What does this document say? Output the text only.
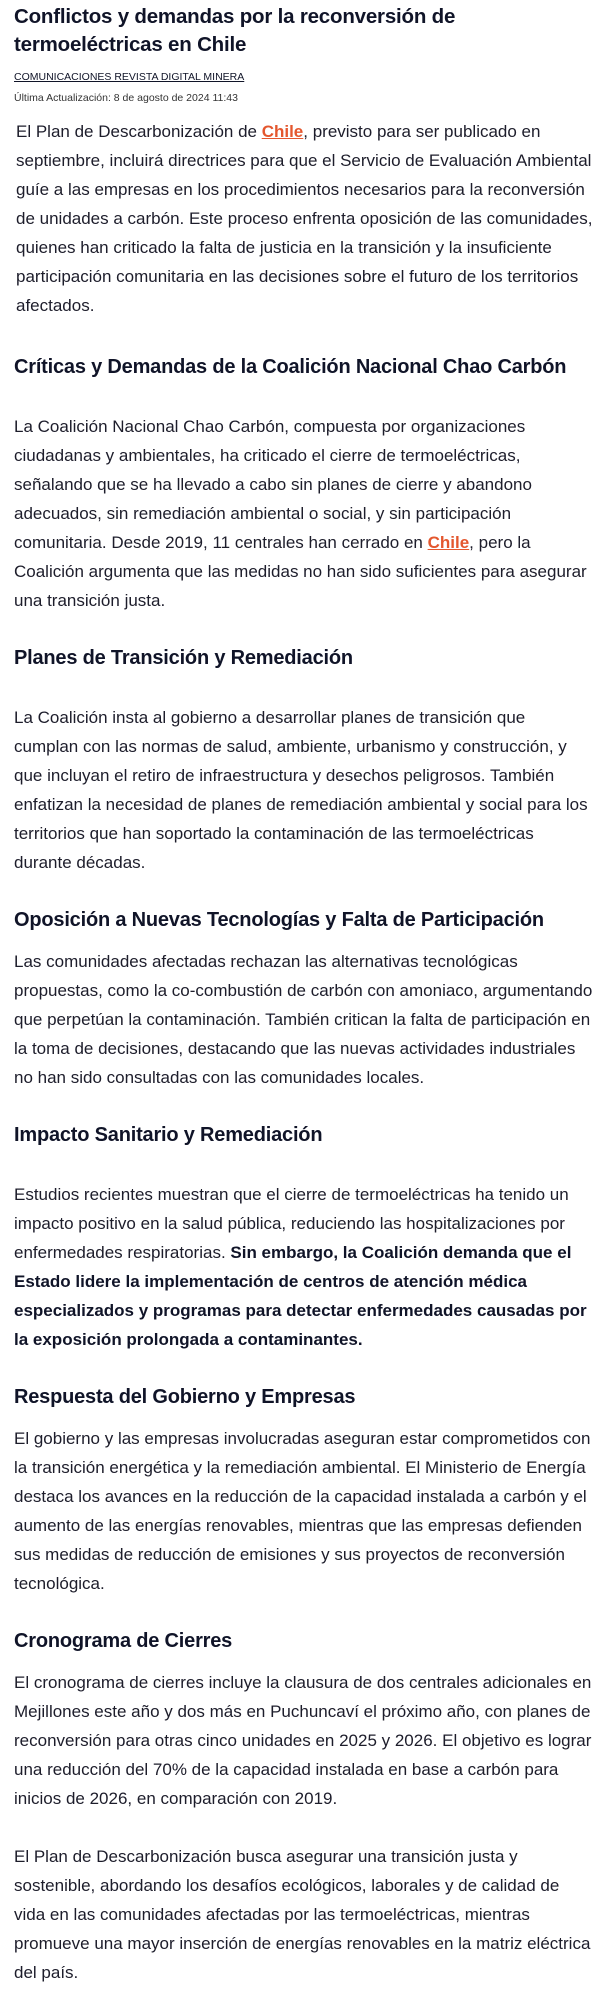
Conflictos y demandas por la reconversión de termoeléctricas en Chile
COMUNICACIONES REVISTA DIGITAL MINERA
Última Actualización: 8 de agosto de 2024 11:43

El Plan de Descarbonización de Chile, previsto para ser publicado en septiembre, incluirá directrices para que el Servicio de Evaluación Ambiental guíe a las empresas en los procedimientos necesarios para la reconversión de unidades a carbón. Este proceso enfrenta oposición de las comunidades, quienes han criticado la falta de justicia en la transición y la insuficiente participación comunitaria en las decisiones sobre el futuro de los territorios afectados.

Críticas y Demandas de la Coalición Nacional Chao Carbón

La Coalición Nacional Chao Carbón, compuesta por organizaciones ciudadanas y ambientales, ha criticado el cierre de termoeléctricas, señalando que se ha llevado a cabo sin planes de cierre y abandono adecuados, sin remediación ambiental o social, y sin participación comunitaria. Desde 2019, 11 centrales han cerrado en Chile, pero la Coalición argumenta que las medidas no han sido suficientes para asegurar una transición justa.

Planes de Transición y Remediación

La Coalición insta al gobierno a desarrollar planes de transición que cumplan con las normas de salud, ambiente, urbanismo y construcción, y que incluyan el retiro de infraestructura y desechos peligrosos. También enfatizan la necesidad de planes de remediación ambiental y social para los territorios que han soportado la contaminación de las termoeléctricas durante décadas.

Oposición a Nuevas Tecnologías y Falta de Participación

Las comunidades afectadas rechazan las alternativas tecnológicas propuestas, como la co-combustión de carbón con amoniaco, argumentando que perpetúan la contaminación. También critican la falta de participación en la toma de decisiones, destacando que las nuevas actividades industriales no han sido consultadas con las comunidades locales.

Impacto Sanitario y Remediación

Estudios recientes muestran que el cierre de termoeléctricas ha tenido un impacto positivo en la salud pública, reduciendo las hospitalizaciones por enfermedades respiratorias. Sin embargo, la Coalición demanda que el Estado lidere la implementación de centros de atención médica especializados y programas para detectar enfermedades causadas por la exposición prolongada a contaminantes.

Respuesta del Gobierno y Empresas

El gobierno y las empresas involucradas aseguran estar comprometidos con la transición energética y la remediación ambiental. El Ministerio de Energía destaca los avances en la reducción de la capacidad instalada a carbón y el aumento de las energías renovables, mientras que las empresas defienden sus medidas de reducción de emisiones y sus proyectos de reconversión tecnológica.

Cronograma de Cierres

El cronograma de cierres incluye la clausura de dos centrales adicionales en Mejillones este año y dos más en Puchuncaví el próximo año, con planes de reconversión para otras cinco unidades en 2025 y 2026. El objetivo es lograr una reducción del 70% de la capacidad instalada en base a carbón para inicios de 2026, en comparación con 2019.

El Plan de Descarbonización busca asegurar una transición justa y sostenible, abordando los desafíos ecológicos, laborales y de calidad de vida en las comunidades afectadas por las termoeléctricas, mientras promueve una mayor inserción de energías renovables en la matriz eléctrica del país.
